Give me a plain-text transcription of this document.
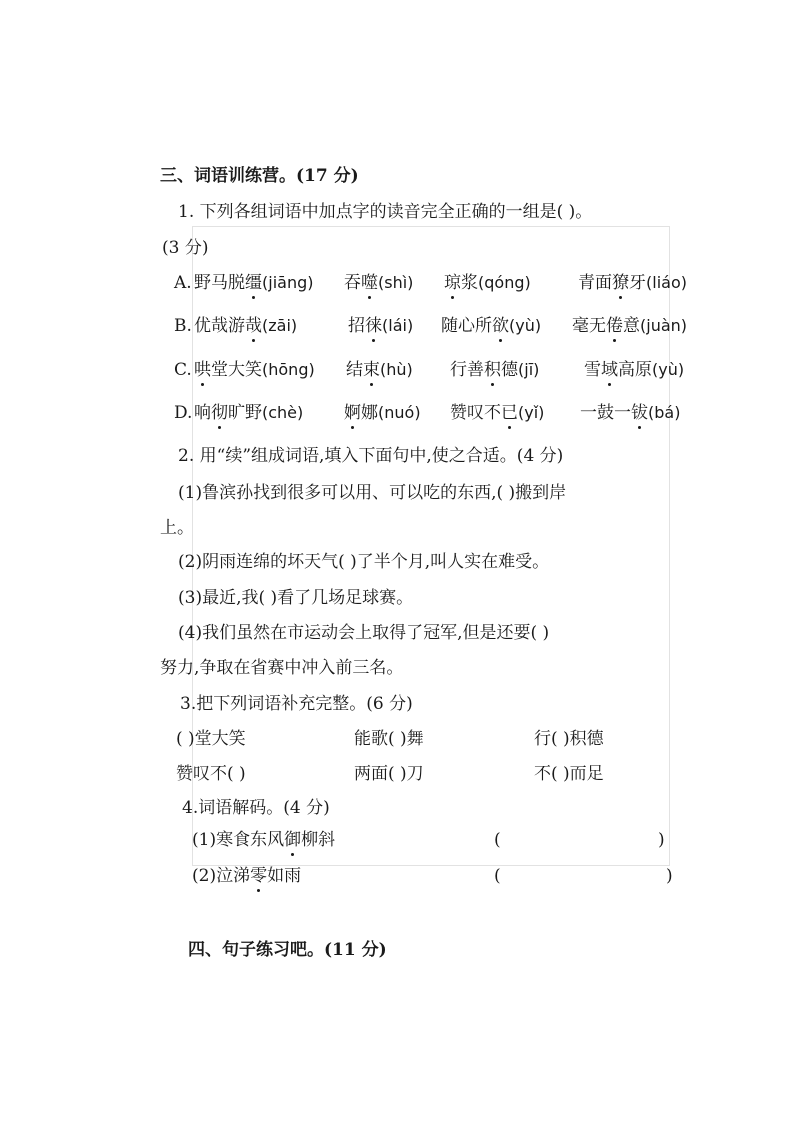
三、词语训练营。(17 分)
1. 下列各组词语中加点字的读音完全正确的一组是( )。
(3 分)
A. 野马脱缰(jiāng) 吞噬(shì) 琼浆(qóng)	青面獠牙(liáo)
B. 优哉游哉(zāi)	招徕(lái) 随心所欲(yù) 毫无倦意(juàn)
C. 哄堂大笑(hōng) 结束(hù) 行善积德(jī)	雪域高原(yù)
D. 响彻旷野(chè) 婀娜(nuó) 赞叹不已(yǐ) 一鼓一钹(bá)
2. 用“续”组成词语,填入下面句中,使之合适。(4 分)
(1)鲁滨孙找到很多可以用、可以吃的东西,( )搬到岸
上。
(2)阴雨连绵的坏天气( )了半个月,叫人实在难受。
(3)最近,我( )看了几场足球赛。
(4)我们虽然在市运动会上取得了冠军,但是还要( )
努力,争取在省赛中冲入前三名。
3.把下列词语补充完整。(6 分)
( )堂大笑	能歌( )舞	行( )积德
赞叹不( )	两面( )刀	不( )而足
4.词语解码。(4 分)
(1)寒食东风御柳斜	(	)
(2)泣涕零如雨	(	)
四、句子练习吧。(11 分)
